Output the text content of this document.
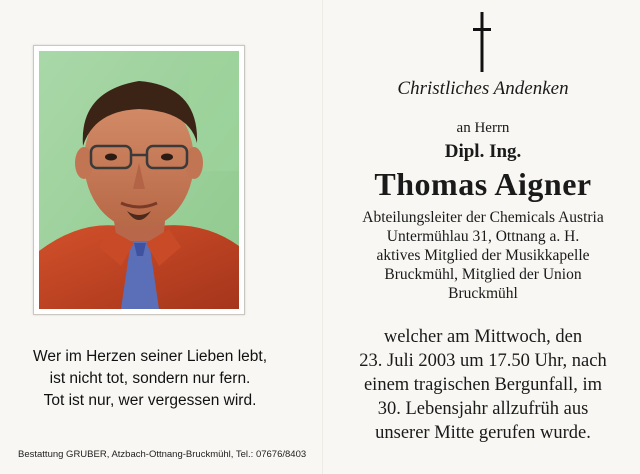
Wer im Herzen seiner Lieben lebt,
ist nicht tot, sondern nur fern.
Tot ist nur, wer vergessen wird.
Bestattung GRUBER, Atzbach-Ottnang-Bruckmühl, Tel.: 07676/8403
Christliches Andenken
an Herrn
Dipl. Ing.
Thomas Aigner
Abteilungsleiter der Chemicals Austria
Untermühlau 31, Ottnang a. H.
aktives Mitglied der Musikkapelle
Bruckmühl, Mitglied der Union
Bruckmühl
welcher am Mittwoch, den
23. Juli 2003 um 17.50 Uhr, nach
einem tragischen Bergunfall, im
30. Lebensjahr allzufrüh aus
unserer Mitte gerufen wurde.
